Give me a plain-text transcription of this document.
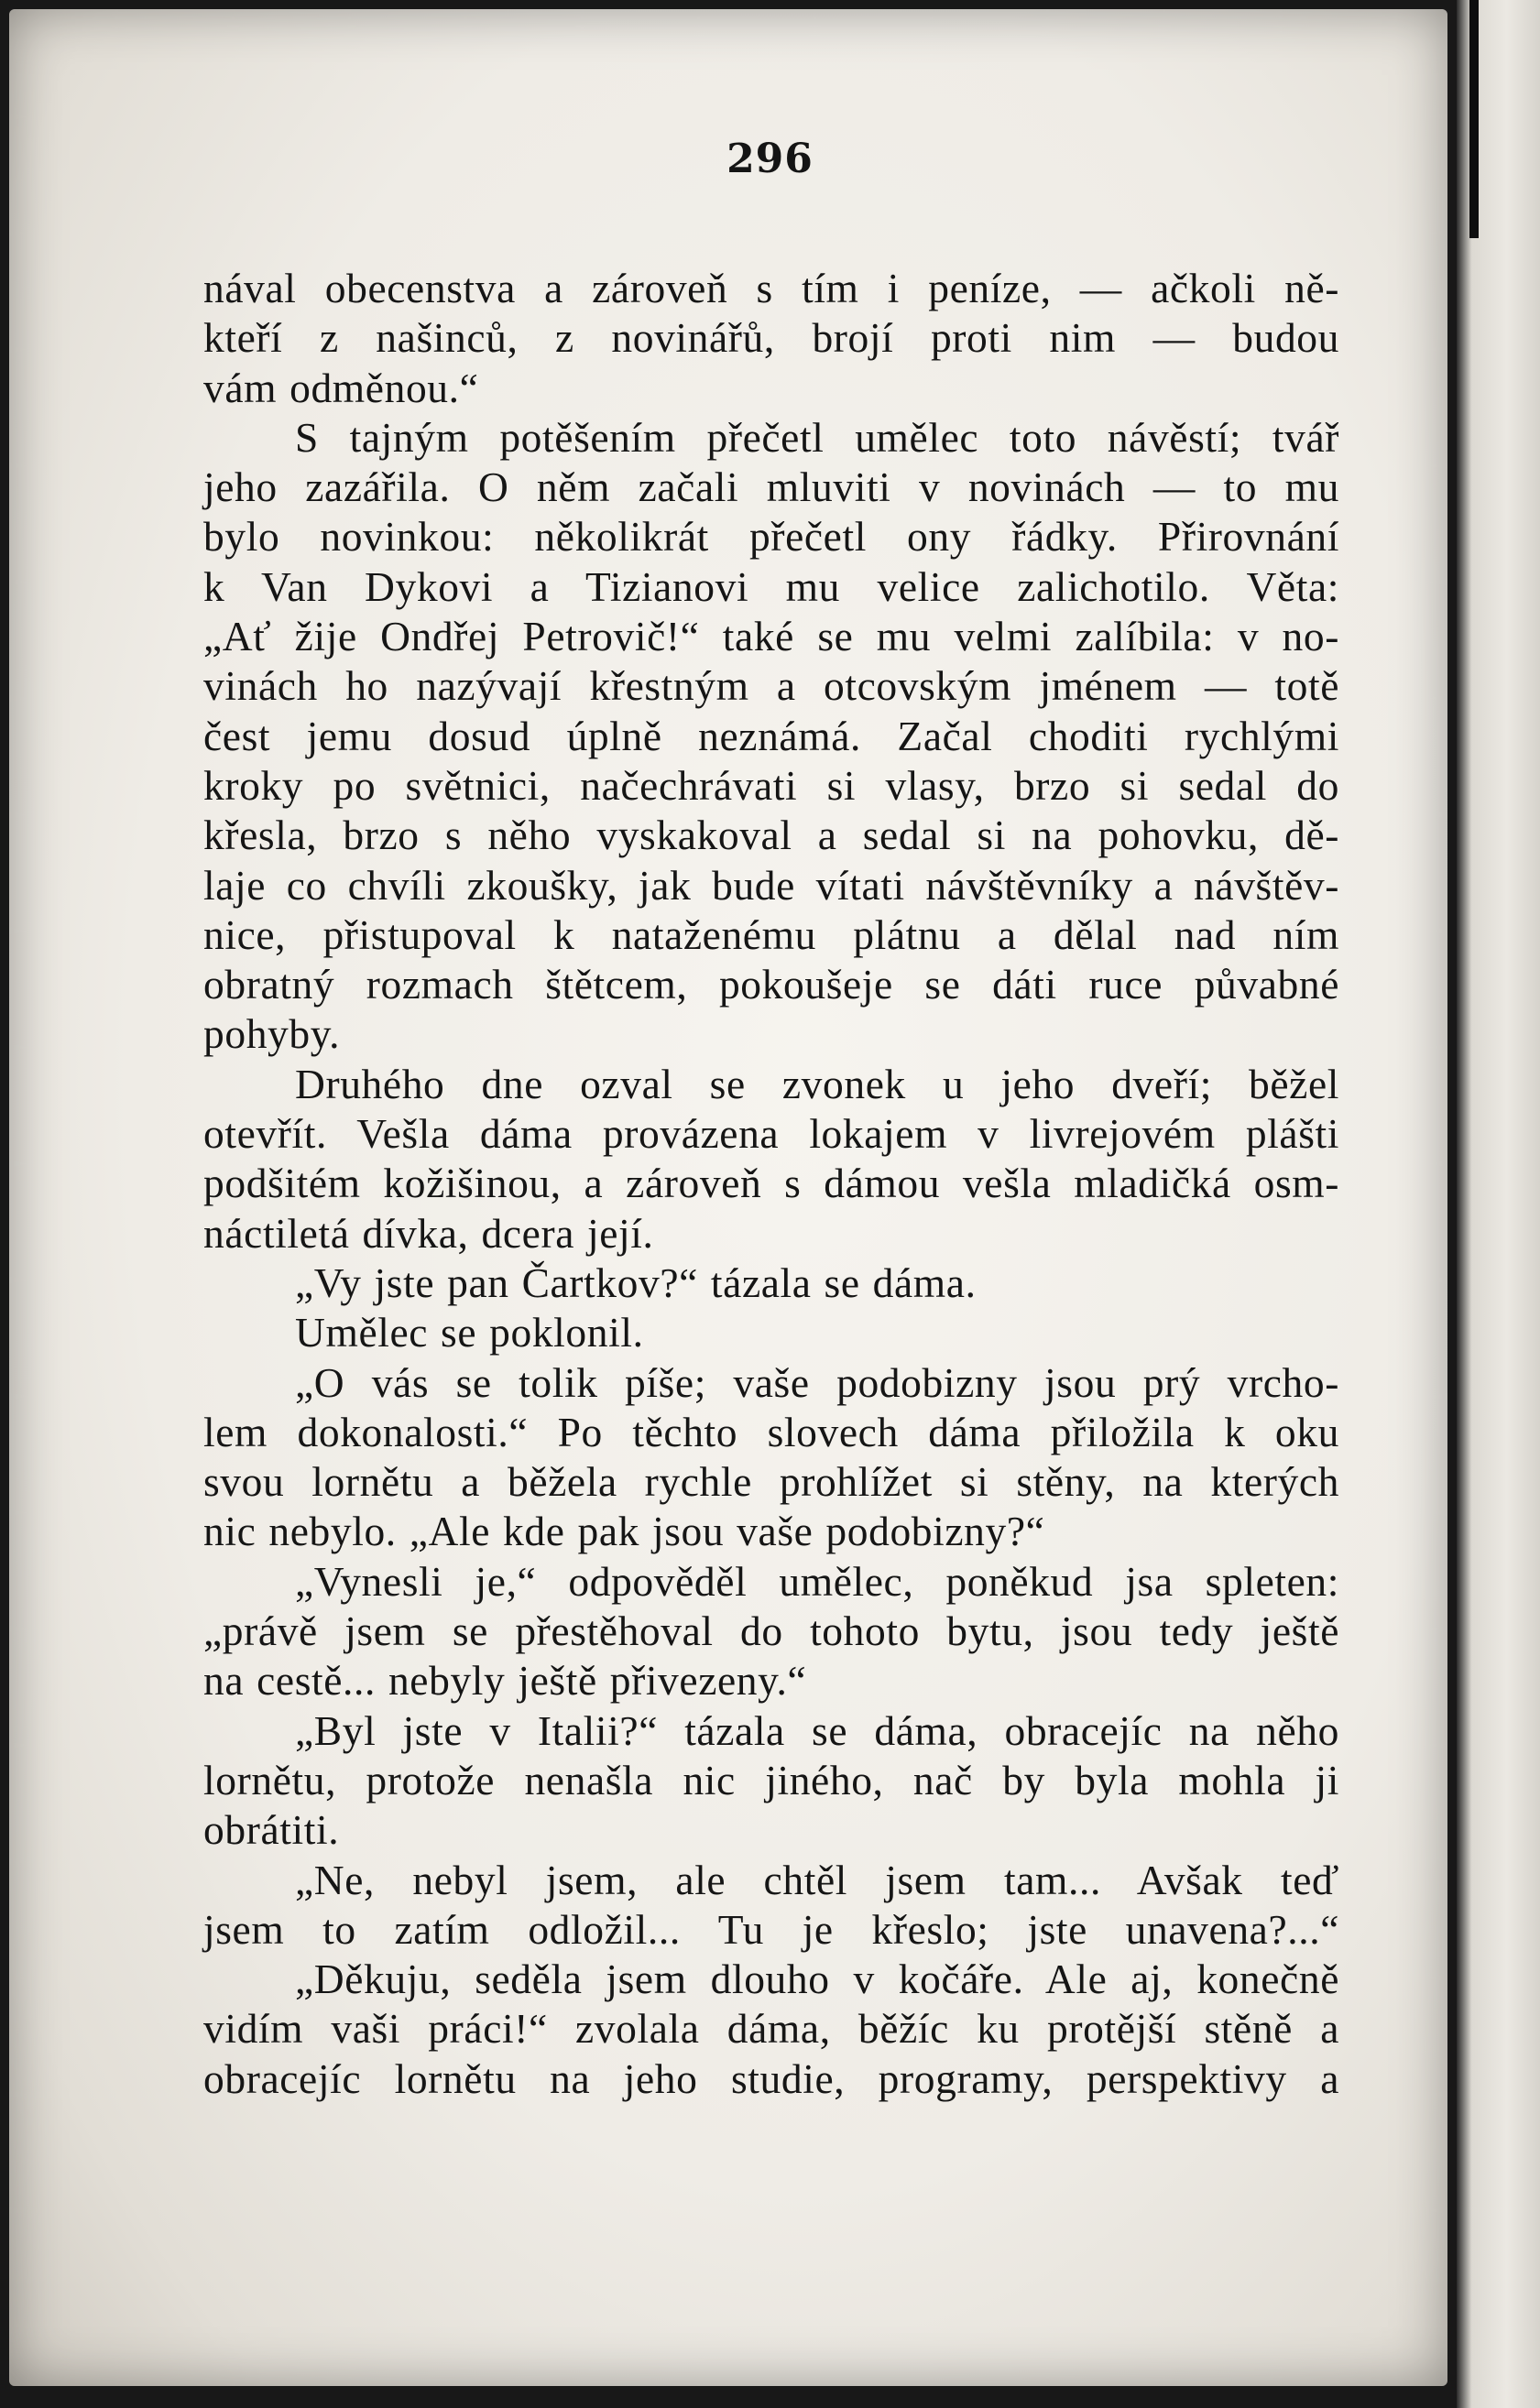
296
nával obecenstva a zároveň s tím i peníze, — ačkoli ně-
kteří z našinců, z novinářů, brojí proti nim — budou
vám odměnou.“
S tajným potěšením přečetl umělec toto návěstí; tvář
jeho zazářila. O něm začali mluviti v novinách — to mu
bylo novinkou: několikrát přečetl ony řádky. Přirovnání
k Van Dykovi a Tizianovi mu velice zalichotilo. Věta:
„Ať žije Ondřej Petrovič!“ také se mu velmi zalíbila: v no-
vinách ho nazývají křestným a otcovským jménem — totě
čest jemu dosud úplně neznámá. Začal choditi rychlými
kroky po světnici, načechrávati si vlasy, brzo si sedal do
křesla, brzo s něho vyskakoval a sedal si na pohovku, dě-
laje co chvíli zkoušky, jak bude vítati návštěvníky a návštěv-
nice, přistupoval k nataženému plátnu a dělal nad ním
obratný rozmach štětcem, pokoušeje se dáti ruce půvabné
pohyby.
Druhého dne ozval se zvonek u jeho dveří; běžel
otevřít. Vešla dáma provázena lokajem v livrejovém plášti
podšitém kožišinou, a zároveň s dámou vešla mladičká osm-
náctiletá dívka, dcera její.
„Vy jste pan Čartkov?“ tázala se dáma.
Umělec se poklonil.
„O vás se tolik píše; vaše podobizny jsou prý vrcho-
lem dokonalosti.“ Po těchto slovech dáma přiložila k oku
svou lornětu a běžela rychle prohlížet si stěny, na kterých
nic nebylo. „Ale kde pak jsou vaše podobizny?“
„Vynesli je,“ odpověděl umělec, poněkud jsa spleten:
„právě jsem se přestěhoval do tohoto bytu, jsou tedy ještě
na cestě... nebyly ještě přivezeny.“
„Byl jste v Italii?“ tázala se dáma, obracejíc na něho
lornětu, protože nenašla nic jiného, nač by byla mohla ji
obrátiti.
„Ne, nebyl jsem, ale chtěl jsem tam... Avšak teď
jsem to zatím odložil... Tu je křeslo; jste unavena?...“
„Děkuju, seděla jsem dlouho v kočáře. Ale aj, konečně
vidím vaši práci!“ zvolala dáma, běžíc ku protější stěně a
obracejíc lornětu na jeho studie, programy, perspektivy a
